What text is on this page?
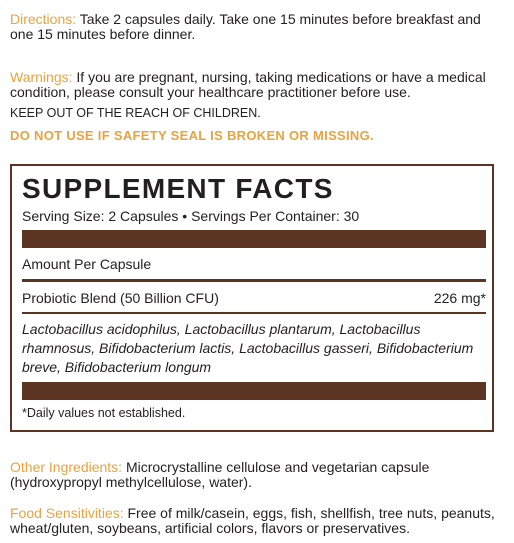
Directions: Take 2 capsules daily. Take one 15 minutes before breakfast and one 15 minutes before dinner.
Warnings: If you are pregnant, nursing, taking medications or have a medical condition, please consult your healthcare practitioner before use.
KEEP OUT OF THE REACH OF CHILDREN.
DO NOT USE IF SAFETY SEAL IS BROKEN OR MISSING.
SUPPLEMENT FACTS
Serving Size: 2 Capsules • Servings Per Container: 30
Amount Per Capsule
Probiotic Blend (50 Billion CFU)	226 mg*
Lactobacillus acidophilus, Lactobacillus plantarum, Lactobacillus rhamnosus, Bifidobacterium lactis, Lactobacillus gasseri, Bifidobacterium breve, Bifidobacterium longum
*Daily values not established.
Other Ingredients: Microcrystalline cellulose and vegetarian capsule (hydroxypropyl methylcellulose, water).
Food Sensitivities: Free of milk/casein, eggs, fish, shellfish, tree nuts, peanuts, wheat/gluten, soybeans, artificial colors, flavors or preservatives.
